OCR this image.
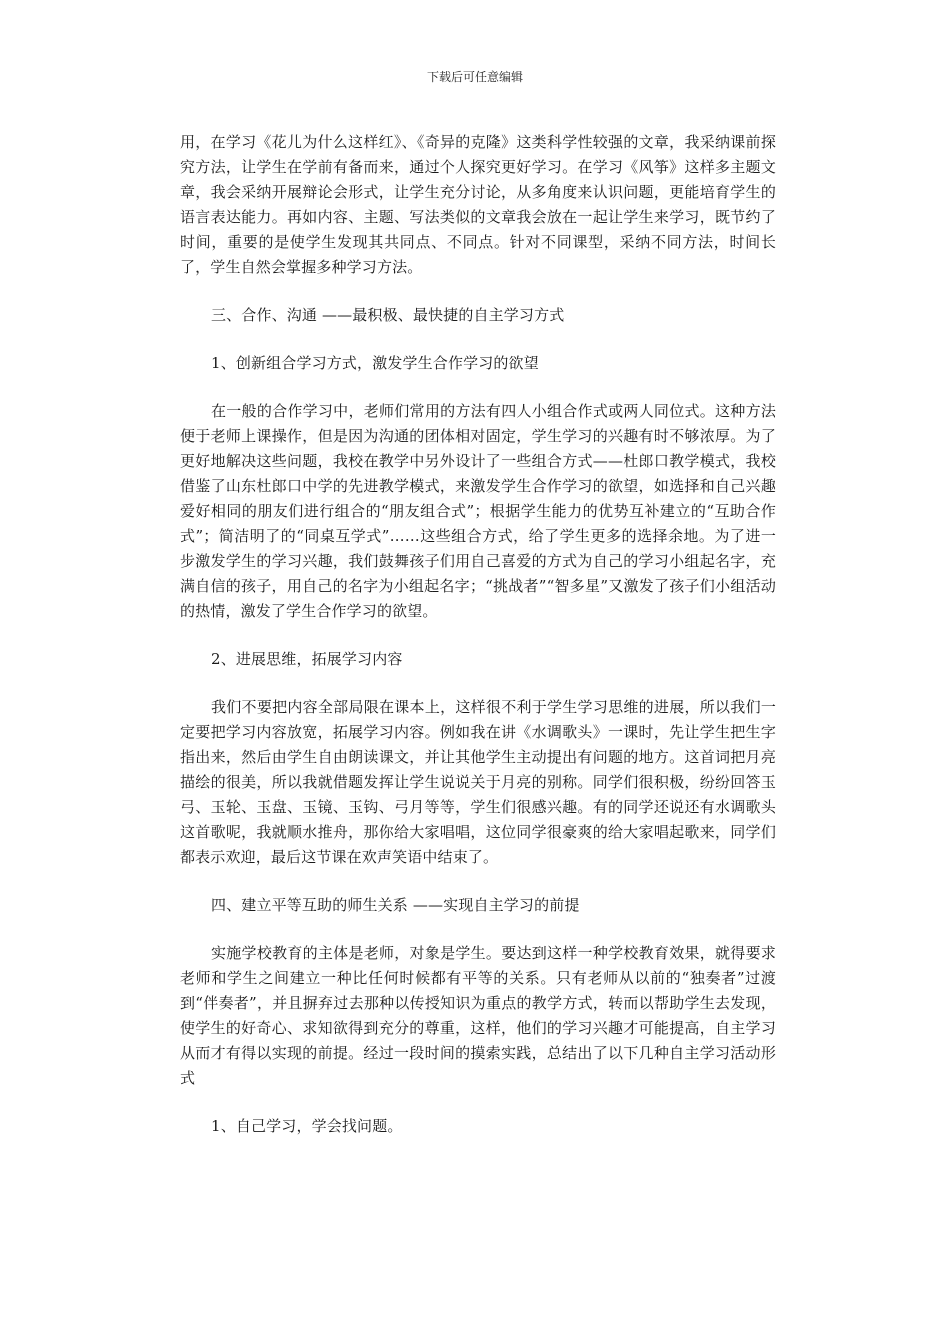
下载后可任意编辑

用，在学习《花儿为什么这样红》、《奇异的克隆》这类科学性较强的文章，我采纳课前探究方法，让学生在学前有备而来，通过个人探究更好学习。在学习《风筝》这样多主题文章，我会采纳开展辩论会形式，让学生充分讨论，从多角度来认识问题，更能培育学生的语言表达能力。再如内容、主题、写法类似的文章我会放在一起让学生来学习，既节约了时间，重要的是使学生发现其共同点、不同点。针对不同课型，采纳不同方法，时间长了，学生自然会掌握多种学习方法。

三、合作、沟通 ——最积极、最快捷的自主学习方式

1、创新组合学习方式，激发学生合作学习的欲望

在一般的合作学习中，老师们常用的方法有四人小组合作式或两人同位式。这种方法便于老师上课操作，但是因为沟通的团体相对固定，学生学习的兴趣有时不够浓厚。为了更好地解决这些问题，我校在教学中另外设计了一些组合方式——杜郎口教学模式，我校借鉴了山东杜郎口中学的先进教学模式，来激发学生合作学习的欲望，如选择和自己兴趣爱好相同的朋友们进行组合的“朋友组合式”；根据学生能力的优势互补建立的“互助合作式”；简洁明了的“同桌互学式”……这些组合方式，给了学生更多的选择余地。为了进一步激发学生的学习兴趣，我们鼓舞孩子们用自己喜爱的方式为自己的学习小组起名字，充满自信的孩子，用自己的名字为小组起名字；“挑战者”“智多星”又激发了孩子们小组活动的热情，激发了学生合作学习的欲望。

2、进展思维，拓展学习内容

我们不要把内容全部局限在课本上，这样很不利于学生学习思维的进展，所以我们一定要把学习内容放宽，拓展学习内容。例如我在讲《水调歌头》一课时，先让学生把生字指出来，然后由学生自由朗读课文，并让其他学生主动提出有问题的地方。这首词把月亮描绘的很美，所以我就借题发挥让学生说说关于月亮的别称。同学们很积极，纷纷回答玉弓、玉轮、玉盘、玉镜、玉钩、弓月等等，学生们很感兴趣。有的同学还说还有水调歌头这首歌呢，我就顺水推舟，那你给大家唱唱，这位同学很豪爽的给大家唱起歌来，同学们都表示欢迎，最后这节课在欢声笑语中结束了。

四、建立平等互助的师生关系 ——实现自主学习的前提

实施学校教育的主体是老师，对象是学生。要达到这样一种学校教育效果，就得要求老师和学生之间建立一种比任何时候都有平等的关系。只有老师从以前的“独奏者”过渡到“伴奏者”，并且摒弃过去那种以传授知识为重点的教学方式，转而以帮助学生去发现，使学生的好奇心、求知欲得到充分的尊重，这样，他们的学习兴趣才可能提高，自主学习从而才有得以实现的前提。经过一段时间的摸索实践，总结出了以下几种自主学习活动形式

1、自己学习，学会找问题。
